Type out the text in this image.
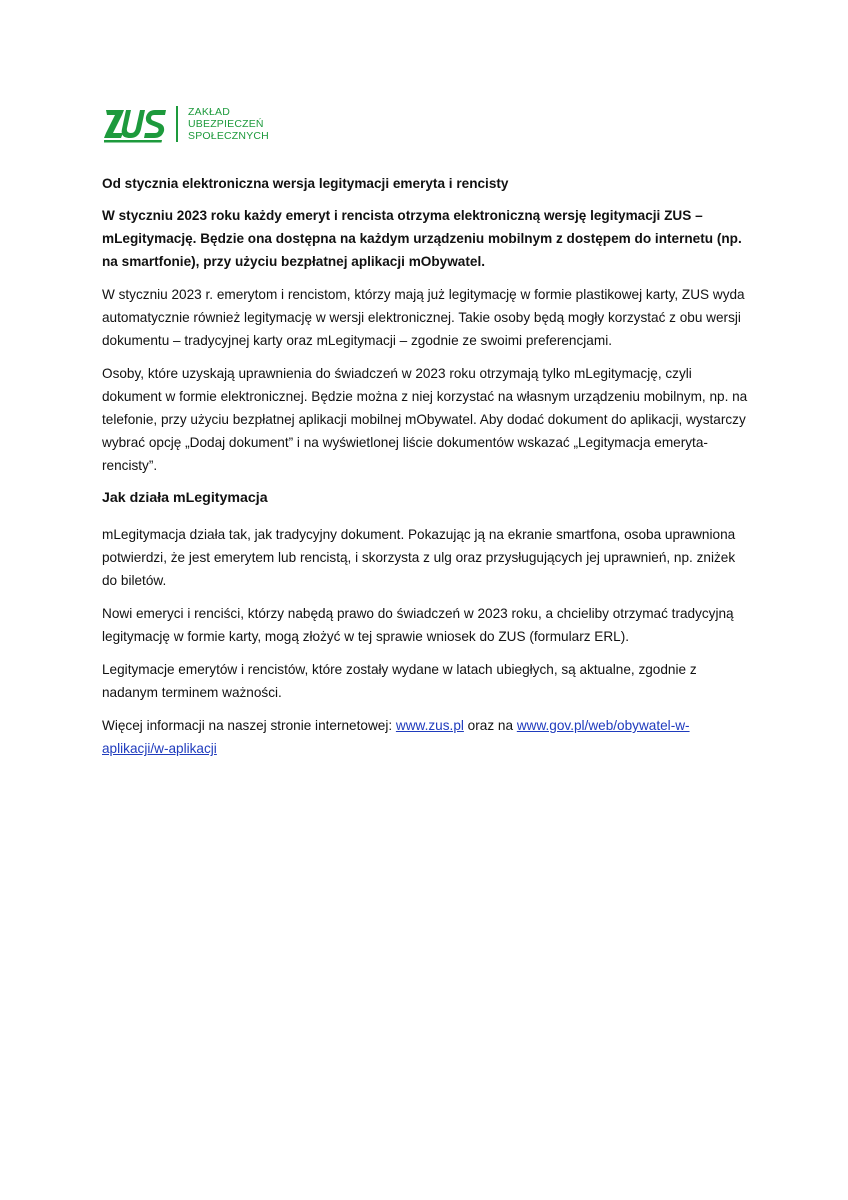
ZAKŁAD
UBEZPIECZEŃ
SPOŁECZNYCH

Od stycznia elektroniczna wersja legitymacji emeryta i rencisty

W styczniu 2023 roku każdy emeryt i rencista otrzyma elektroniczną wersję legitymacji ZUS – mLegitymację. Będzie ona dostępna na każdym urządzeniu mobilnym z dostępem do internetu (np. na smartfonie), przy użyciu bezpłatnej aplikacji mObywatel.

W styczniu 2023 r. emerytom i rencistom, którzy mają już legitymację w formie plastikowej karty, ZUS wyda automatycznie również legitymację w wersji elektronicznej. Takie osoby będą mogły korzystać z obu wersji dokumentu – tradycyjnej karty oraz mLegitymacji – zgodnie ze swoimi preferencjami.

Osoby, które uzyskają uprawnienia do świadczeń w 2023 roku otrzymają tylko mLegitymację, czyli dokument w formie elektronicznej. Będzie można z niej korzystać na własnym urządzeniu mobilnym, np. na telefonie, przy użyciu bezpłatnej aplikacji mobilnej mObywatel. Aby dodać dokument do aplikacji, wystarczy wybrać opcję „Dodaj dokument” i na wyświetlonej liście dokumentów wskazać „Legitymacja emeryta-rencisty”.

Jak działa mLegitymacja

mLegitymacja działa tak, jak tradycyjny dokument. Pokazując ją na ekranie smartfona, osoba uprawniona potwierdzi, że jest emerytem lub rencistą, i skorzysta z ulg oraz przysługujących jej uprawnień, np. zniżek do biletów.

Nowi emeryci i renciści, którzy nabędą prawo do świadczeń w 2023 roku, a chcieliby otrzymać tradycyjną legitymację w formie karty, mogą złożyć w tej sprawie wniosek do ZUS (formularz ERL).

Legitymacje emerytów i rencistów, które zostały wydane w latach ubiegłych, są aktualne, zgodnie z nadanym terminem ważności.

Więcej informacji na naszej stronie internetowej: www.zus.pl oraz na www.gov.pl/web/obywatel-w-aplikacji/w-aplikacji
